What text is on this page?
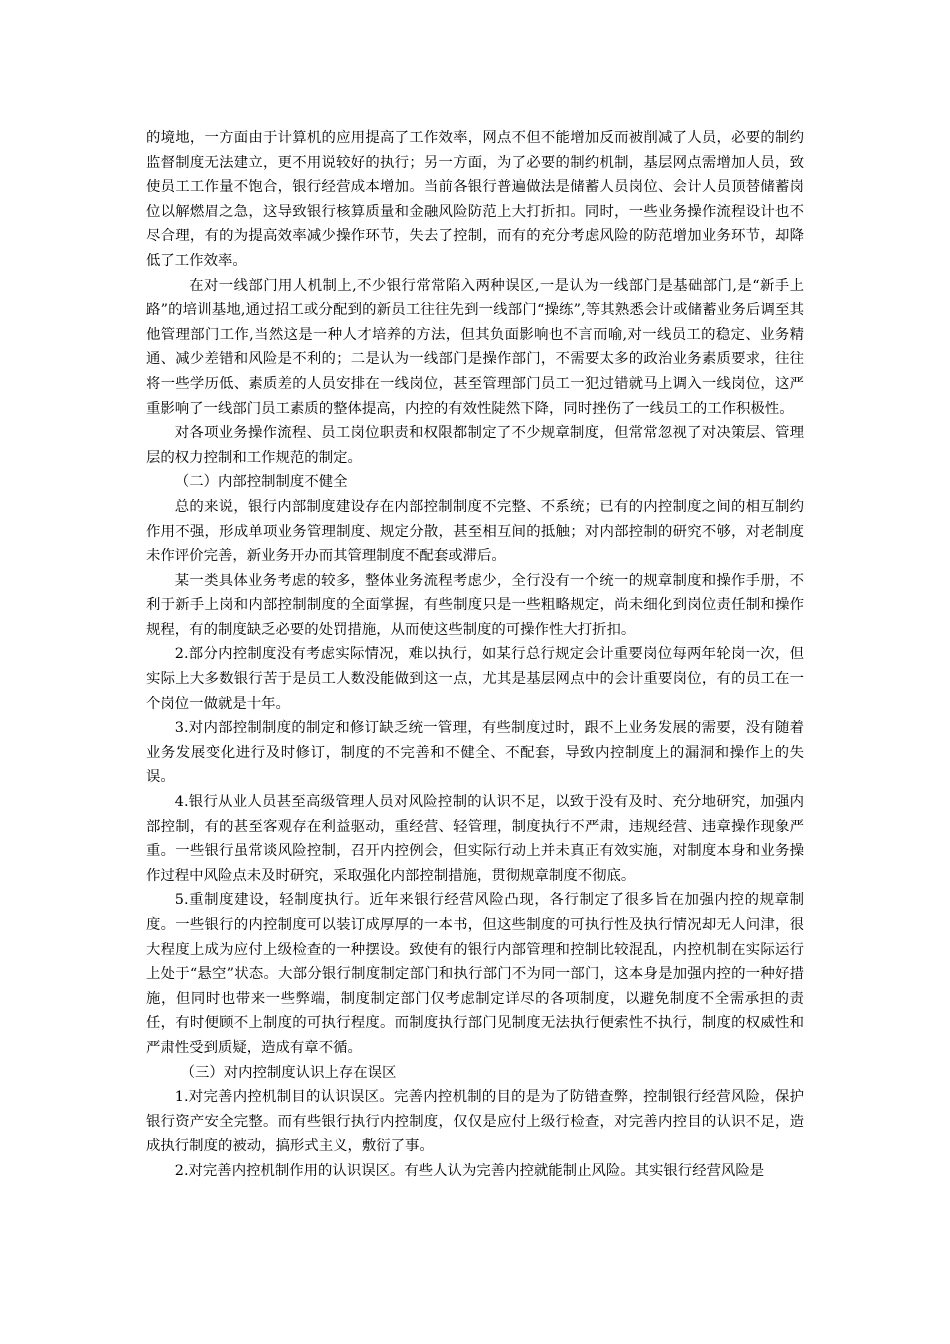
的境地，一方面由于计算机的应用提高了工作效率，网点不但不能增加反而被削减了人员，必要的制约监督制度无法建立，更不用说较好的执行；另一方面，为了必要的制约机制，基层网点需增加人员，致使员工工作量不饱合，银行经营成本增加。当前各银行普遍做法是储蓄人员岗位、会计人员顶替储蓄岗位以解燃眉之急，这导致银行核算质量和金融风险防范上大打折扣。同时，一些业务操作流程设计也不尽合理，有的为提高效率减少操作环节，失去了控制，而有的充分考虑风险的防范增加业务环节，却降低了工作效率。

在对一线部门用人机制上,不少银行常常陷入两种误区,一是认为一线部门是基础部门,是“新手上路”的培训基地,通过招工或分配到的新员工往往先到一线部门“操练”,等其熟悉会计或储蓄业务后调至其他管理部门工作,当然这是一种人才培养的方法，但其负面影响也不言而喻,对一线员工的稳定、业务精通、减少差错和风险是不利的；二是认为一线部门是操作部门，不需要太多的政治业务素质要求，往往将一些学历低、素质差的人员安排在一线岗位，甚至管理部门员工一犯过错就马上调入一线岗位，这严重影响了一线部门员工素质的整体提高，内控的有效性陡然下降，同时挫伤了一线员工的工作积极性。

对各项业务操作流程、员工岗位职责和权限都制定了不少规章制度，但常常忽视了对决策层、管理层的权力控制和工作规范的制定。

（二）内部控制制度不健全

总的来说，银行内部制度建设存在内部控制制度不完整、不系统；已有的内控制度之间的相互制约作用不强，形成单项业务管理制度、规定分散，甚至相互间的抵触；对内部控制的研究不够，对老制度未作评价完善，新业务开办而其管理制度不配套或滞后。

某一类具体业务考虑的较多，整体业务流程考虑少，全行没有一个统一的规章制度和操作手册，不利于新手上岗和内部控制制度的全面掌握，有些制度只是一些粗略规定，尚未细化到岗位责任制和操作规程，有的制度缺乏必要的处罚措施，从而使这些制度的可操作性大打折扣。

2.部分内控制度没有考虑实际情况，难以执行，如某行总行规定会计重要岗位每两年轮岗一次，但实际上大多数银行苦于是员工人数没能做到这一点，尤其是基层网点中的会计重要岗位，有的员工在一个岗位一做就是十年。

3.对内部控制制度的制定和修订缺乏统一管理，有些制度过时，跟不上业务发展的需要，没有随着业务发展变化进行及时修订，制度的不完善和不健全、不配套，导致内控制度上的漏洞和操作上的失误。

4.银行从业人员甚至高级管理人员对风险控制的认识不足，以致于没有及时、充分地研究，加强内部控制，有的甚至客观存在利益驱动，重经营、轻管理，制度执行不严肃，违规经营、违章操作现象严重。一些银行虽常谈风险控制，召开内控例会，但实际行动上并未真正有效实施，对制度本身和业务操作过程中风险点未及时研究，采取强化内部控制措施，贯彻规章制度不彻底。

5.重制度建设，轻制度执行。近年来银行经营风险凸现，各行制定了很多旨在加强内控的规章制度。一些银行的内控制度可以装订成厚厚的一本书，但这些制度的可执行性及执行情况却无人问津，很大程度上成为应付上级检查的一种摆设。致使有的银行内部管理和控制比较混乱，内控机制在实际运行上处于“悬空”状态。大部分银行制度制定部门和执行部门不为同一部门，这本身是加强内控的一种好措施，但同时也带来一些弊端，制度制定部门仅考虑制定详尽的各项制度，以避免制度不全需承担的责任，有时便顾不上制度的可执行程度。而制度执行部门见制度无法执行便索性不执行，制度的权威性和严肃性受到质疑，造成有章不循。

（三）对内控制度认识上存在误区

1.对完善内控机制目的认识误区。完善内控机制的目的是为了防错查弊，控制银行经营风险，保护银行资产安全完整。而有些银行执行内控制度，仅仅是应付上级行检查，对完善内控目的认识不足，造成执行制度的被动，搞形式主义，敷衍了事。

2.对完善内控机制作用的认识误区。有些人认为完善内控就能制止风险。其实银行经营风险是
